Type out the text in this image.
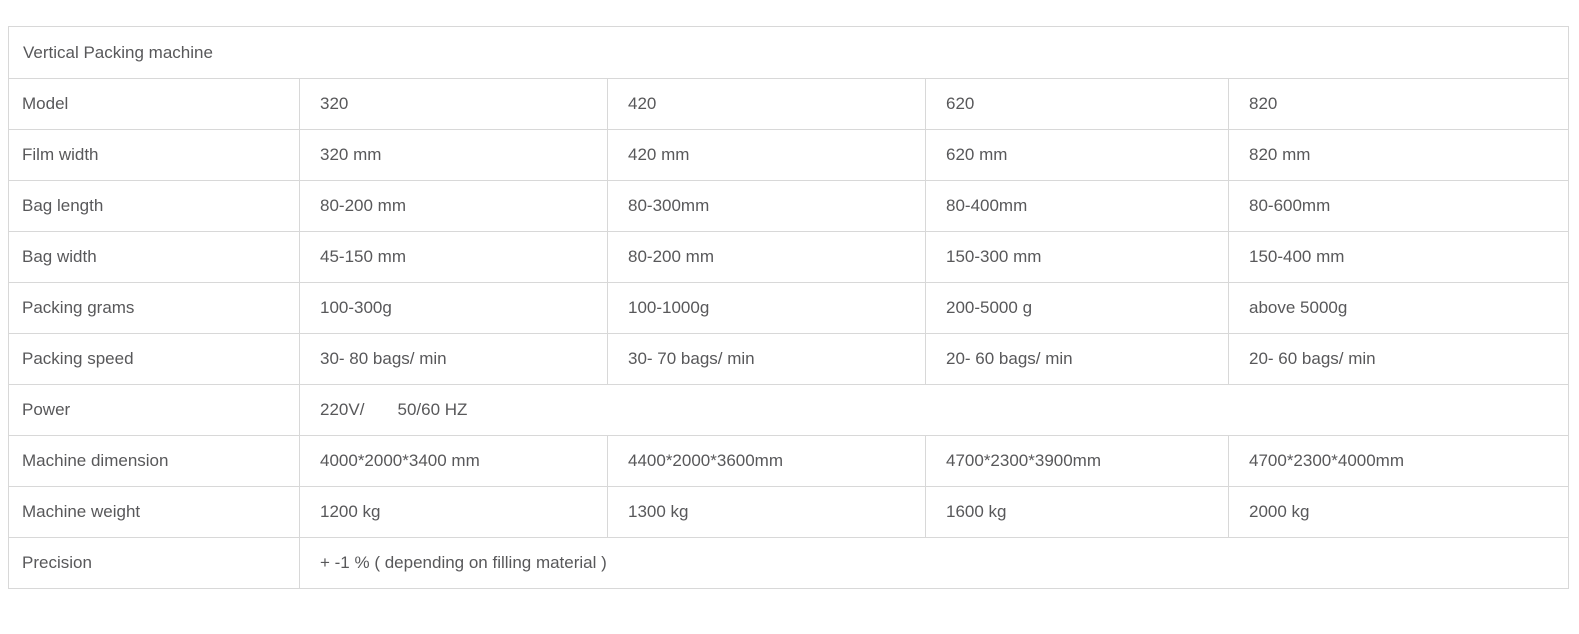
Vertical Packing machine				
Model	320	420	620	820
Film width	320 mm	420 mm	620 mm	820 mm
Bag length	80-200 mm	80-300mm	80-400mm	80-600mm
Bag width	45-150 mm	80-200 mm	150-300 mm	150-400 mm
Packing grams	100-300g	100-1000g	200-5000 g	above 5000g
Packing speed	30- 80 bags/ min	30- 70 bags/ min	20- 60 bags/ min	20- 60 bags/ min
Power	220V/       50/60 HZ			
Machine dimension	4000*2000*3400 mm	4400*2000*3600mm	4700*2300*3900mm	4700*2300*4000mm
Machine weight	1200 kg	1300 kg	1600 kg	2000 kg
Precision	+ -1 % ( depending on filling material )			
